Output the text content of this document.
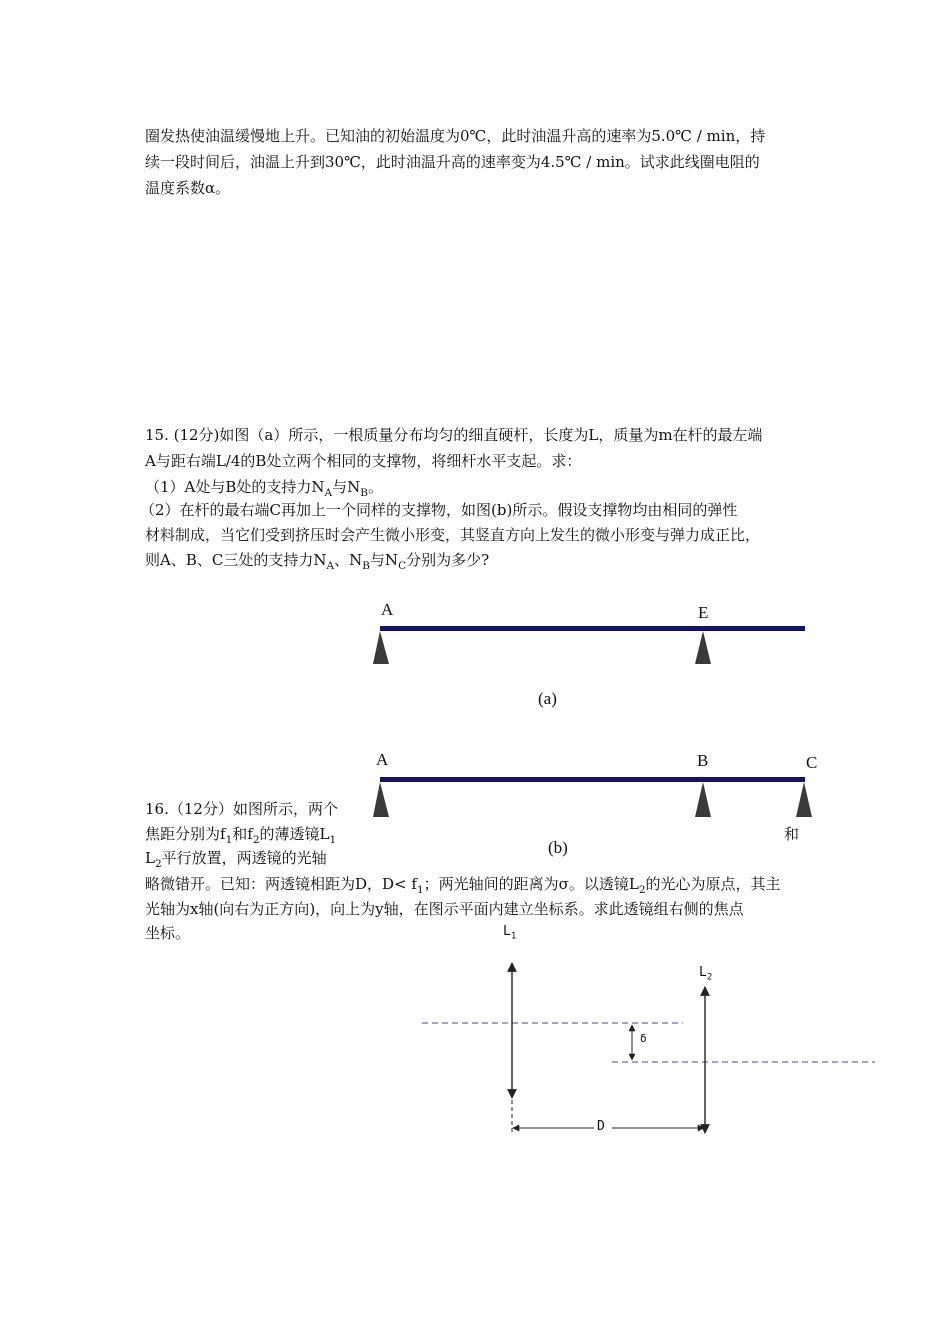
圈发热使油温缓慢地上升。已知油的初始温度为0℃，此时油温升高的速率为5.0℃ / min，持
续一段时间后，油温上升到30℃，此时油温升高的速率变为4.5℃ / min。试求此线圈电阻的
温度系数α。
15. (12分)如图（a）所示，一根质量分布均匀的细直硬杆，长度为L，质量为m在杆的最左端
A与距右端L/4的B处立两个相同的支撑物，将细杆水平支起。求：
（1）A处与B处的支持力$N_A$与$N_B$。
（2）在杆的最右端C再加上一个同样的支撑物，如图(b)所示。假设支撑物均由相同的弹性
材料制成，当它们受到挤压时会产生微小形变，其竖直方向上发生的微小形变与弹力成正比，
则A、B、C三处的支持力$N_A$、$N_B$与$N_C$分别为多少?
A	E
(a)
A	B	C
(b)
16.（12分）如图所示，两个
焦距分别为$f_1$和$f_2$的薄透镜$L_1$	和
$L_2$平行放置，两透镜的光轴
略微错开。已知：两透镜相距为D，$D< f_1$；两光轴间的距离为σ。以透镜$L_2$的光心为原点，其主
光轴为x轴(向右为正方向)，向上为y轴，在图示平面内建立坐标系。求此透镜组右侧的焦点
坐标。	$L_1$
$L_2$
δ
D
